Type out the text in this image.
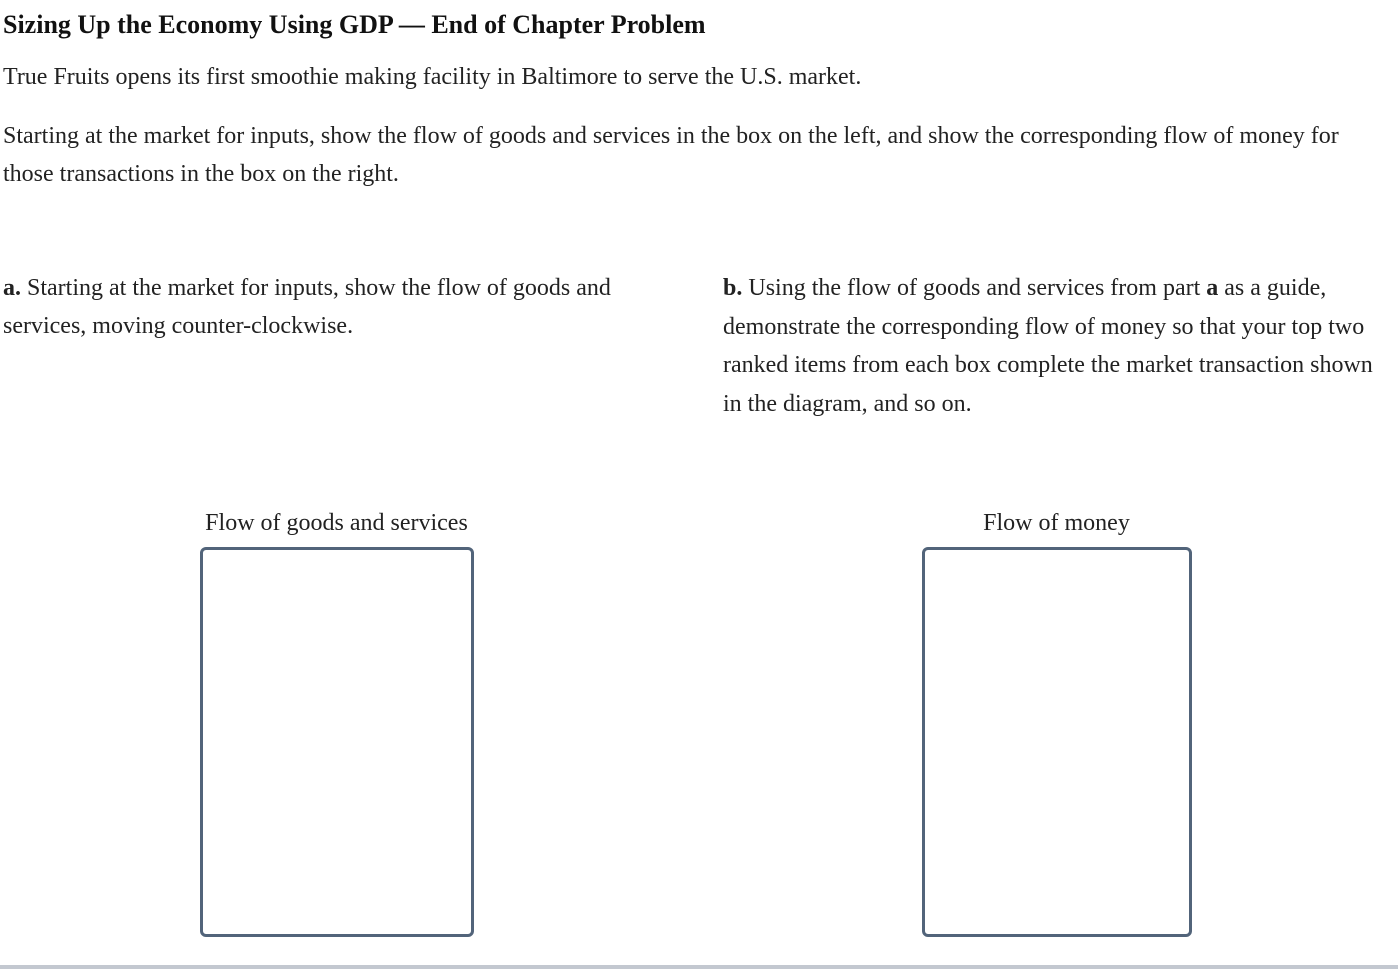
Sizing Up the Economy Using GDP — End of Chapter Problem
True Fruits opens its first smoothie making facility in Baltimore to serve the U.S. market.
Starting at the market for inputs, show the flow of goods and services in the box on the left, and show the corresponding flow of money for those transactions in the box on the right.
a. Starting at the market for inputs, show the flow of goods and services, moving counter-clockwise.
b. Using the flow of goods and services from part a as a guide, demonstrate the corresponding flow of money so that your top two ranked items from each box complete the market transaction shown in the diagram, and so on.
Flow of goods and services	Flow of money
